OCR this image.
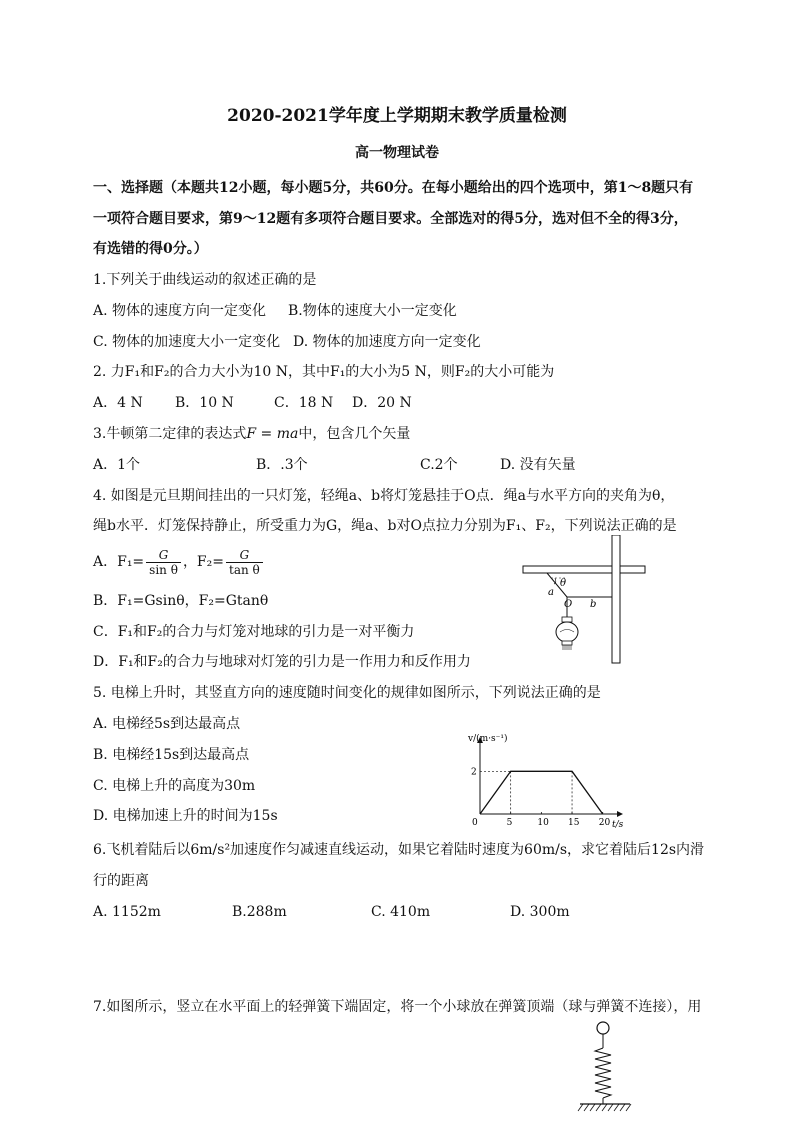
2020-2021学年度上学期期末教学质量检测
高一物理试卷
一、选择题（本题共12小题，每小题5分，共60分。在每小题给出的四个选项中，第1～8题只有
一项符合题目要求，第9～12题有多项符合题目要求。全部选对的得5分，选对但不全的得3分，
有选错的得0分。）
1.下列关于曲线运动的叙述正确的是
A. 物体的速度方向一定变化 B.物体的速度大小一定变化
C. 物体的加速度大小一定变化 D. 物体的加速度方向一定变化
2. 力F₁和F₂的合力大小为10 N，其中F₁的大小为5 N，则F₂的大小可能为
A．4 N B．10 N	C．18 N D．20 N
3.牛顿第二定律的表达式F = ma中，包含几个矢量
A．1个	B．.3个	C.2个	D. 没有矢量
4. 如图是元旦期间挂出的一只灯笼，轻绳a、b将灯笼悬挂于O点．绳a与水平方向的夹角为θ，
绳b水平．灯笼保持静止，所受重力为G，绳a、b对O点拉力分别为F₁、F₂，下列说法正确的是
A．$F_1= \frac{G}{\text{sin θ}}$ ，$F_2= \frac{G}{\text{tan θ}}$
B．F₁=Gsinθ，F₂=Gtanθ
C．F₁和F₂的合力与灯笼对地球的引力是一对平衡力
D．F₁和F₂的合力与地球对灯笼的引力是一作用力和反作用力
θ
a
O b
5. 电梯上升时，其竖直方向的速度随时间变化的规律如图所示，下列说法正确的是
A. 电梯经5s到达最高点
B. 电梯经15s到达最高点
C. 电梯上升的高度为30m
D. 电梯加速上升的时间为15s
v/(m·s⁻¹)
t/s
0	5	10 15 20
2
6.飞机着陆后以6m/s²加速度作匀减速直线运动，如果它着陆时速度为60m/s，求它着陆后12s内滑
行的距离
A. 1152m	B.288m	C. 410m	D. 300m
7.如图所示，竖立在水平面上的轻弹簧下端固定，将一个小球放在弹簧顶端（球与弹簧不连接），用
